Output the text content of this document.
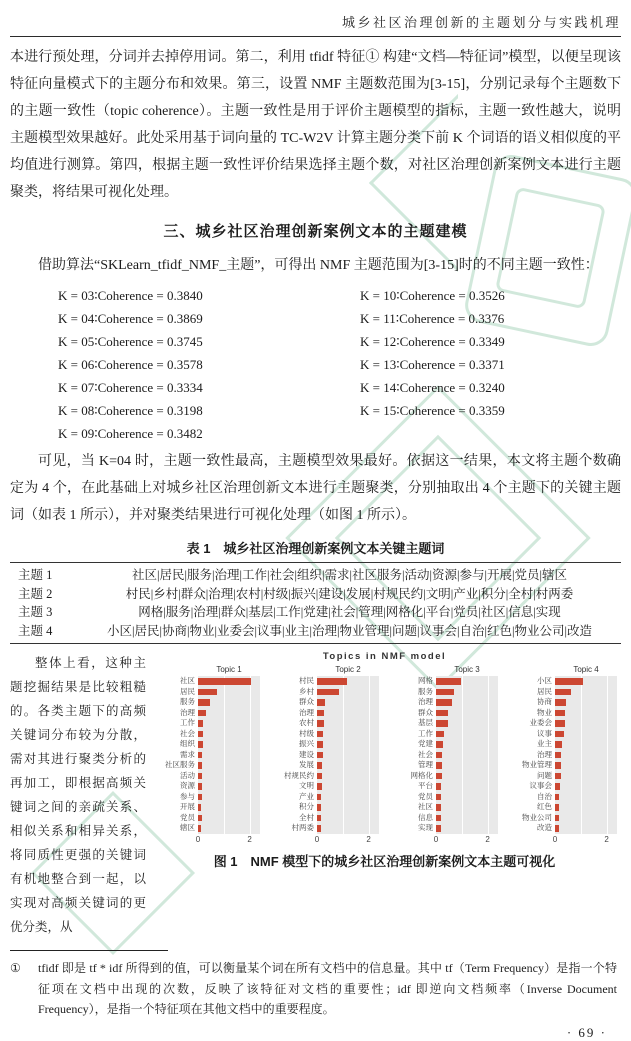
城乡社区治理创新的主题划分与实践机理

本进行预处理，分词并去掉停用词。第二，利用 tfidf 特征① 构建“文档—特征词”模型，以便呈现该特征向量模式下的主题分布和效果。第三，设置 NMF 主题数范围为[3-15]，分别记录每个主题数下的主题一致性（topic coherence）。主题一致性是用于评价主题模型的指标，主题一致性越大，说明主题模型效果越好。此处采用基于词向量的 TC-W2V 计算主题分类下前 K 个词语的语义相似度的平均值进行测算。第四，根据主题一致性评价结果选择主题个数，对社区治理创新案例文本进行主题聚类，将结果可视化处理。

三、城乡社区治理创新案例文本的主题建模

借助算法“SKLearn_tfidf_NMF_主题”，可得出 NMF 主题范围为[3-15]时的不同主题一致性：

K = 03∶Coherence = 0.3840
K = 04∶Coherence = 0.3869
K = 05∶Coherence = 0.3745
K = 06∶Coherence = 0.3578
K = 07∶Coherence = 0.3334
K = 08∶Coherence = 0.3198
K = 09∶Coherence = 0.3482
K = 10∶Coherence = 0.3526
K = 11∶Coherence = 0.3376
K = 12∶Coherence = 0.3349
K = 13∶Coherence = 0.3371
K = 14∶Coherence = 0.3240
K = 15∶Coherence = 0.3359

可见，当 K=04 时，主题一致性最高，主题模型效果最好。依据这一结果，本文将主题个数确定为 4 个，在此基础上对城乡社区治理创新文本进行主题聚类，分别抽取出 4 个主题下的关键主题词（如表 1 所示），并对聚类结果进行可视化处理（如图 1 所示）。

表 1　城乡社区治理创新案例文本关键主题词
主题 1	社区|居民|服务|治理|工作|社会|组织|需求|社区服务|活动|资源|参与|开展|党员|辖区
主题 2	村民|乡村|群众|治理|农村|村级|振兴|建设|发展|村规民约|文明|产业|积分|全村|村两委
主题 3	网格|服务|治理|群众|基层|工作|党建|社会|管理|网格化|平台|党员|社区|信息|实现
主题 4	小区|居民|协商|物业|业委会|议事|业主|治理|物业管理|问题|议事会|自治|红色|物业公司|改造
整体上看，这种主题挖掘结果是比较粗糙的。各类主题下的高频关键词分布较为分散，需对其进行聚类分析的再加工，即根据高频关键词之间的亲疏关系、相似关系和相异关系，将同质性更强的关键词有机地整合到一起，以实现对高频关键词的更优分类，从
Topics in NMF model
Topic 1
社区
居民
服务
治理
工作
社会
组织
需求
社区服务
活动
资源
参与
开展
党员
辖区
0	2
Topic 2
村民
乡村
群众
治理
农村
村级
振兴
建设
发展
村规民约
文明
产业
积分
全村
村两委
0	2
Topic 3
网格
服务
治理
群众
基层
工作
党建
社会
管理
网格化
平台
党员
社区
信息
实现
0	2
Topic 4
小区
居民
协商
物业
业委会
议事
业主
治理
物业管理
问题
议事会
自治
红色
物业公司
改造
0	2
图 1　NMF 模型下的城乡社区治理创新案例文本主题可视化
①	tfidf 即是 tf * idf 所得到的值，可以衡量某个词在所有文档中的信息量。其中 tf（Term Frequency）是指一个特征项在文档中出现的次数，反映了该特征对文档的重要性；idf 即逆向文档频率（Inverse Document Frequency），是指一个特征项在其他文档中的重要程度。
· 69 ·
